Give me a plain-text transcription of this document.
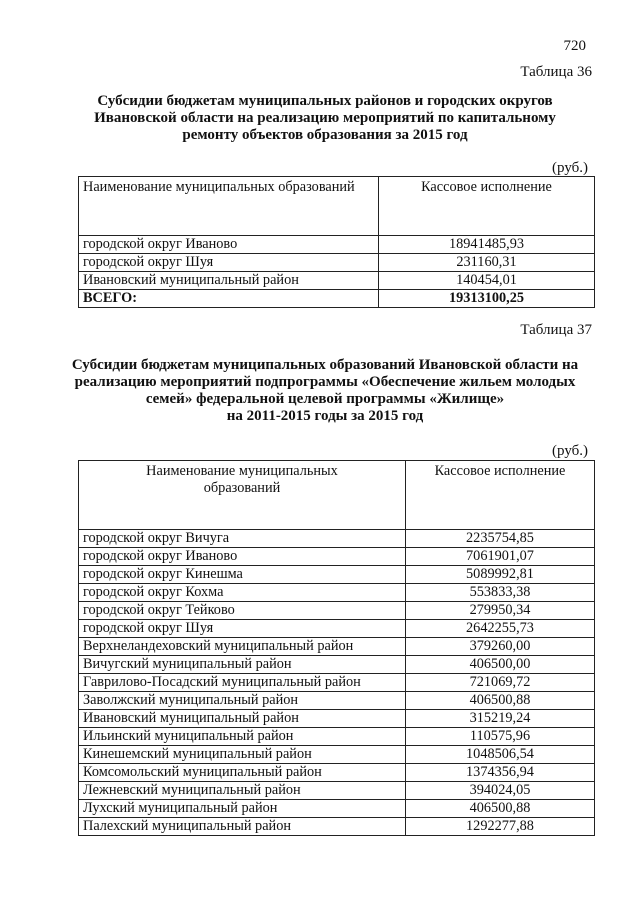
720
Таблица 36
Субсидии бюджетам муниципальных районов и городских округов
Ивановской области на реализацию мероприятий по капитальному
ремонту объектов образования за 2015 год
(руб.)
Наименование муниципальных образований	Кассовое исполнение
городской округ Иваново	18941485,93
городской округ Шуя	231160,31
Ивановский муниципальный район	140454,01
ВСЕГО:	19313100,25
Таблица 37
Субсидии бюджетам муниципальных образований Ивановской области на
реализацию мероприятий подпрограммы «Обеспечение жильем молодых
семей» федеральной целевой программы «Жилище»
на 2011-2015 годы за 2015 год
(руб.)
Наименование муниципальных образований	Кассовое исполнение
городской округ Вичуга	2235754,85
городской округ Иваново	7061901,07
городской округ Кинешма	5089992,81
городской округ Кохма	553833,38
городской округ Тейково	279950,34
городской округ Шуя	2642255,73
Верхнеландеховский муниципальный район	379260,00
Вичугский муниципальный район	406500,00
Гаврилово-Посадский муниципальный район	721069,72
Заволжский муниципальный район	406500,88
Ивановский муниципальный район	315219,24
Ильинский муниципальный район	110575,96
Кинешемский муниципальный район	1048506,54
Комсомольский муниципальный район	1374356,94
Лежневский муниципальный район	394024,05
Лухский муниципальный район	406500,88
Палехский муниципальный район	1292277,88
